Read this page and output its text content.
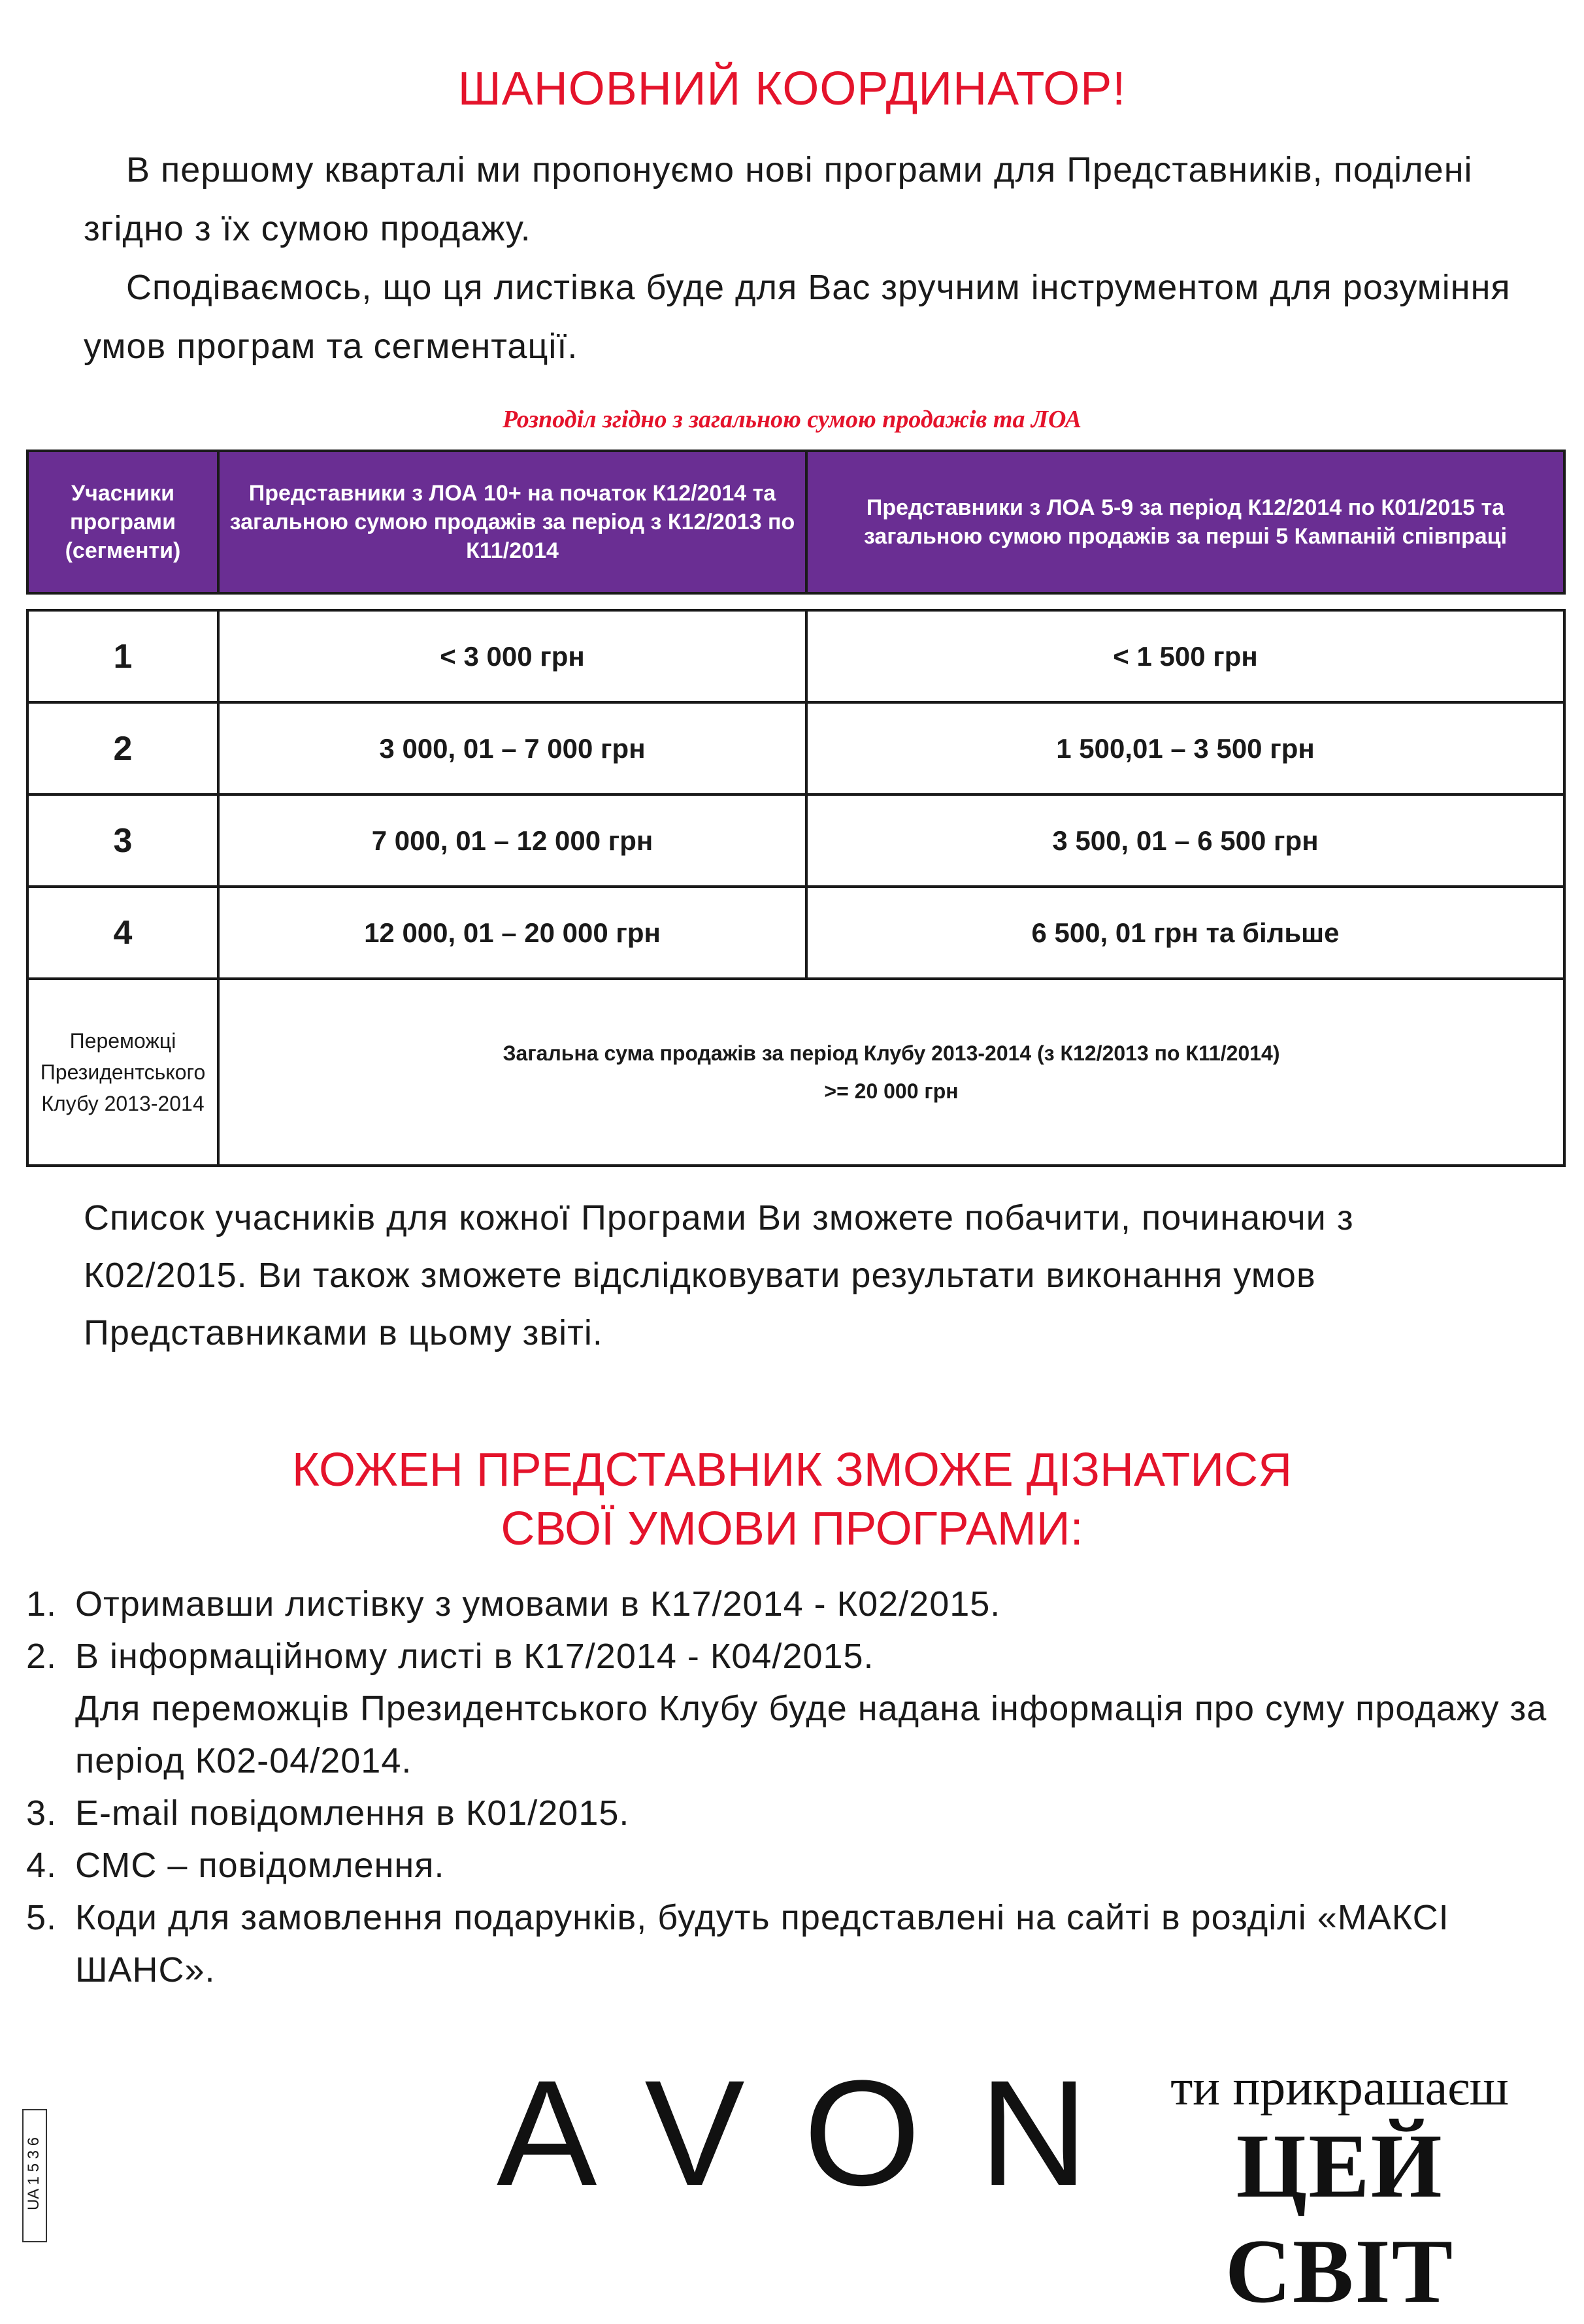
ШАНОВНИЙ КООРДИНАТОР!

В першому кварталі ми пропонуємо нові програми для Представників, поділені згідно з їх сумою продажу.

Сподіваємось, що ця листівка буде для Вас зручним інструментом для розуміння умов програм та сегментації.

Розподіл згідно з загальною сумою продажів та ЛОА
Учасники програми (сегменти)	Представники з ЛОА 10+ на початок К12/2014 та загальною сумою продажів за період з К12/2013 по К11/2014	Представники з ЛОА 5-9 за період К12/2014 по К01/2015 та загальною сумою продажів за перші 5 Кампаній співпраці
1	< 3 000 грн	< 1 500 грн
2	3 000, 01 – 7 000 грн	1 500,01 – 3 500 грн
3	7 000, 01 – 12 000 грн	3 500, 01 – 6 500 грн
4	12 000, 01 – 20 000 грн	6 500, 01 грн та більше
Переможці Президентського Клубу 2013-2014	Загальна сума продажів за період Клубу 2013-2014 (з К12/2013 по К11/2014)
>= 20 000 грн	

Список учасників для кожної Програми Ви зможете побачити, починаючи з К02/2015. Ви також зможете відслідковувати результати виконання умов Представниками в цьому звіті.

КОЖЕН ПРЕДСТАВНИК ЗМОЖЕ ДІЗНАТИСЯ
СВОЇ УМОВИ ПРОГРАМИ:
1. Отримавши листівку з умовами в К17/2014 - К02/2015.
2. В інформаційному листі в К17/2014 - К04/2015.
Для переможців Президентського Клубу буде надана інформація про суму продажу за період К02-04/2014.
3. E-mail повідомлення в К01/2015.
4. СМС – повідомлення.
5. Коди для замовлення подарунків, будуть представлені на сайті в розділі «МАКСІ ШАНС».
UA 1 5 3 6	AVON ти прикрашаєш
ЦЕЙ СВІТ
